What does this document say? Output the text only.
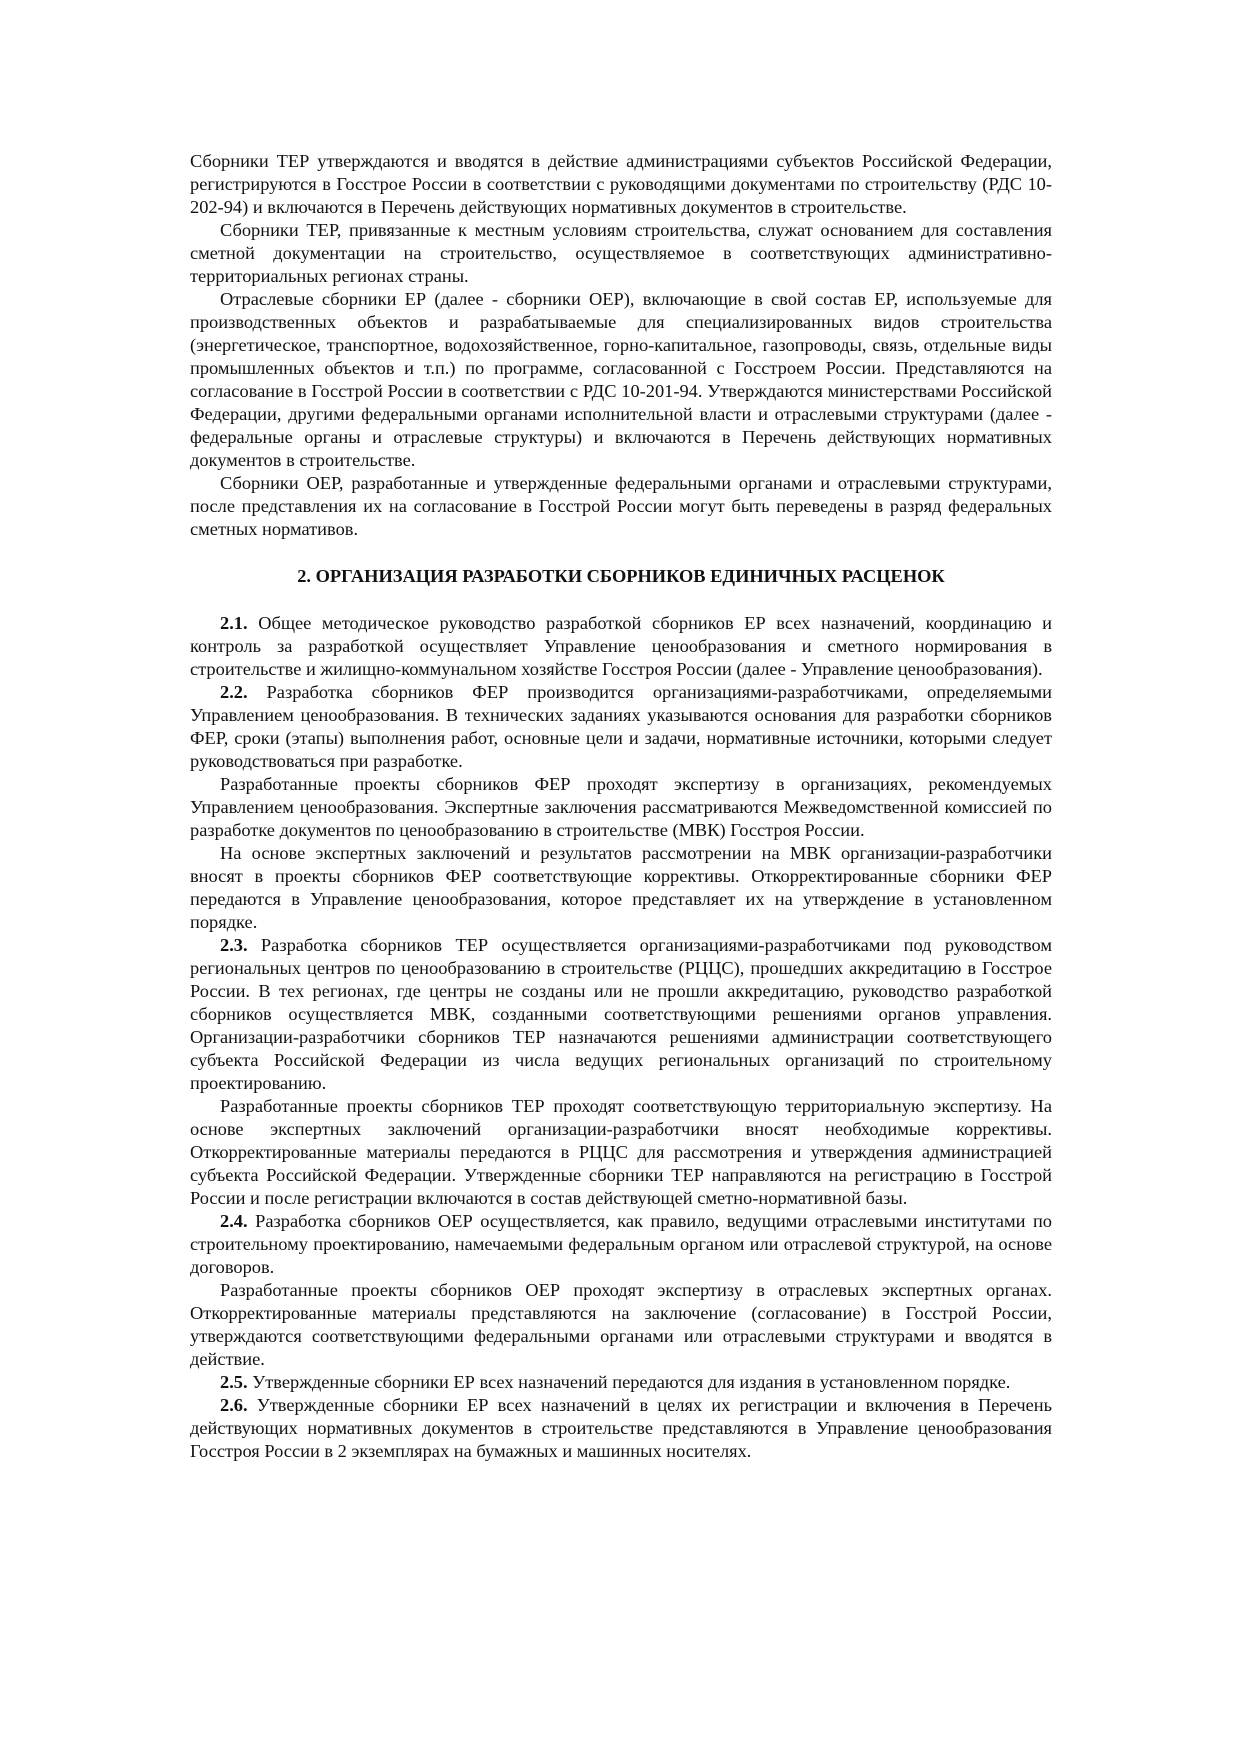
Сборники ТЕР утверждаются и вводятся в действие администрациями субъектов Российской Федерации, регистрируются в Госстрое России в соответствии с руководящими документами по строительству (РДС 10-202-94) и включаются в Перечень действующих нормативных документов в строительстве.

Сборники ТЕР, привязанные к местным условиям строительства, служат основанием для составления сметной документации на строительство, осуществляемое в соответствующих административно-территориальных регионах страны.

Отраслевые сборники ЕР (далее - сборники ОЕР), включающие в свой состав ЕР, используемые для производственных объектов и разрабатываемые для специализированных видов строительства (энергетическое, транспортное, водохозяйственное, горно-капитальное, газопроводы, связь, отдельные виды промышленных объектов и т.п.) по программе, согласованной с Госстроем России. Представляются на согласование в Госстрой России в соответствии с РДС 10-201-94. Утверждаются министерствами Российской Федерации, другими федеральными органами исполнительной власти и отраслевыми структурами (далее - федеральные органы и отраслевые структуры) и включаются в Перечень действующих нормативных документов в строительстве.

Сборники ОЕР, разработанные и утвержденные федеральными органами и отраслевыми структурами, после представления их на согласование в Госстрой России могут быть переведены в разряд федеральных сметных нормативов.

2. ОРГАНИЗАЦИЯ РАЗРАБОТКИ СБОРНИКОВ ЕДИНИЧНЫХ РАСЦЕНОК

2.1. Общее методическое руководство разработкой сборников ЕР всех назначений, координацию и контроль за разработкой осуществляет Управление ценообразования и сметного нормирования в строительстве и жилищно-коммунальном хозяйстве Госстроя России (далее - Управление ценообразования).

2.2. Разработка сборников ФЕР производится организациями-разработчиками, определяемыми Управлением ценообразования. В технических заданиях указываются основания для разработки сборников ФЕР, сроки (этапы) выполнения работ, основные цели и задачи, нормативные источники, которыми следует руководствоваться при разработке.

Разработанные проекты сборников ФЕР проходят экспертизу в организациях, рекомендуемых Управлением ценообразования. Экспертные заключения рассматриваются Межведомственной комиссией по разработке документов по ценообразованию в строительстве (МВК) Госстроя России.

На основе экспертных заключений и результатов рассмотрении на МВК организации-разработчики вносят в проекты сборников ФЕР соответствующие коррективы. Откорректированные сборники ФЕР передаются в Управление ценообразования, которое представляет их на утверждение в установленном порядке.

2.3. Разработка сборников ТЕР осуществляется организациями-разработчиками под руководством региональных центров по ценообразованию в строительстве (РЦЦС), прошедших аккредитацию в Госстрое России. В тех регионах, где центры не созданы или не прошли аккредитацию, руководство разработкой сборников осуществляется МВК, созданными соответствующими решениями органов управления. Организации-разработчики сборников ТЕР назначаются решениями администрации соответствующего субъекта Российской Федерации из числа ведущих региональных организаций по строительному проектированию.

Разработанные проекты сборников ТЕР проходят соответствующую территориальную экспертизу. На основе экспертных заключений организации-разработчики вносят необходимые коррективы. Откорректированные материалы передаются в РЦЦС для рассмотрения и утверждения администрацией субъекта Российской Федерации. Утвержденные сборники ТЕР направляются на регистрацию в Госстрой России и после регистрации включаются в состав действующей сметно-нормативной базы.

2.4. Разработка сборников ОЕР осуществляется, как правило, ведущими отраслевыми институтами по строительному проектированию, намечаемыми федеральным органом или отраслевой структурой, на основе договоров.

Разработанные проекты сборников ОЕР проходят экспертизу в отраслевых экспертных органах. Откорректированные материалы представляются на заключение (согласование) в Госстрой России, утверждаются соответствующими федеральными органами или отраслевыми структурами и вводятся в действие.

2.5. Утвержденные сборники ЕР всех назначений передаются для издания в установленном порядке.

2.6. Утвержденные сборники ЕР всех назначений в целях их регистрации и включения в Перечень действующих нормативных документов в строительстве представляются в Управление ценообразования Госстроя России в 2 экземплярах на бумажных и машинных носителях.
